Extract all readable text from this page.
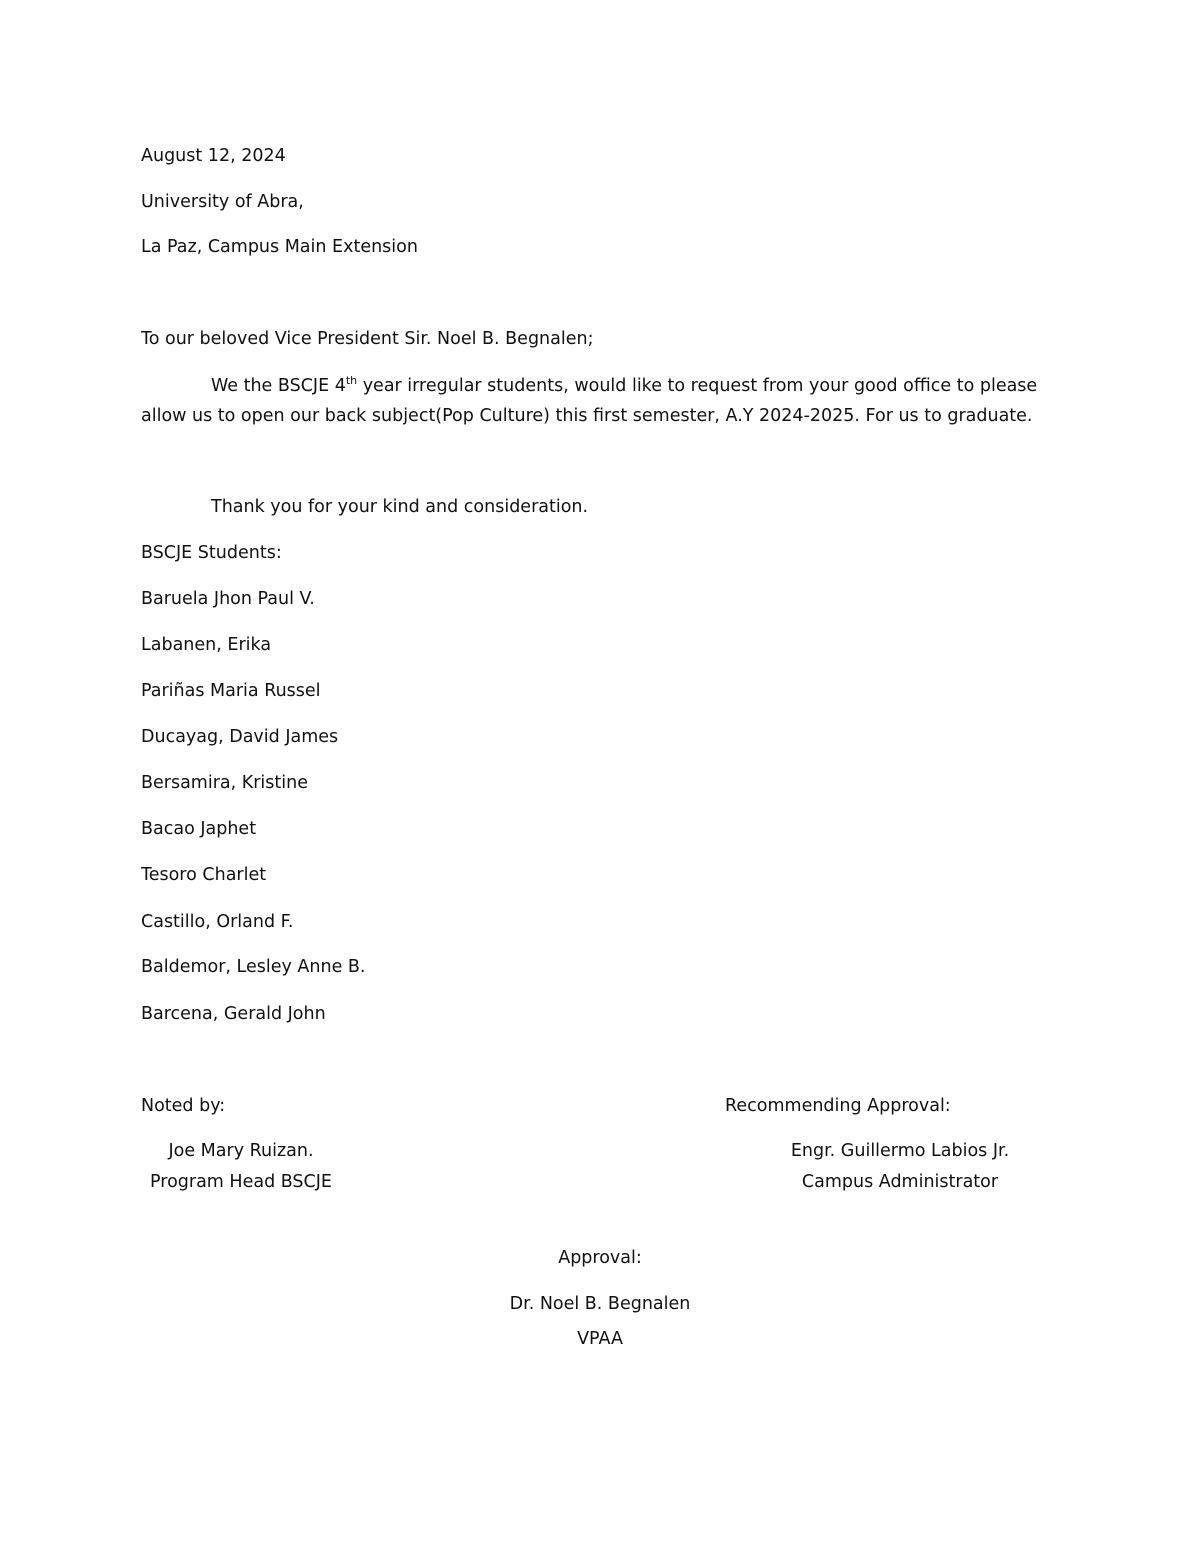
August 12, 2024
University of Abra,
La Paz, Campus Main Extension
To our beloved Vice President Sir. Noel B. Begnalen;
We the BSCJE 4th year irregular students, would like to request from your good office to please
allow us to open our back subject(Pop Culture) this first semester, A.Y 2024-2025. For us to graduate.
Thank you for your kind and consideration.
BSCJE Students:
Baruela Jhon Paul V.
Labanen, Erika
Pariñas Maria Russel
Ducayag, David James
Bersamira, Kristine
Bacao Japhet
Tesoro Charlet
Castillo, Orland F.
Baldemor, Lesley Anne B.
Barcena, Gerald John
Noted by:
Joe Mary Ruizan.
Program Head BSCJE
Recommending Approval:
Engr. Guillermo Labios Jr.
Campus Administrator
Approval:
Dr. Noel B. Begnalen
VPAA
